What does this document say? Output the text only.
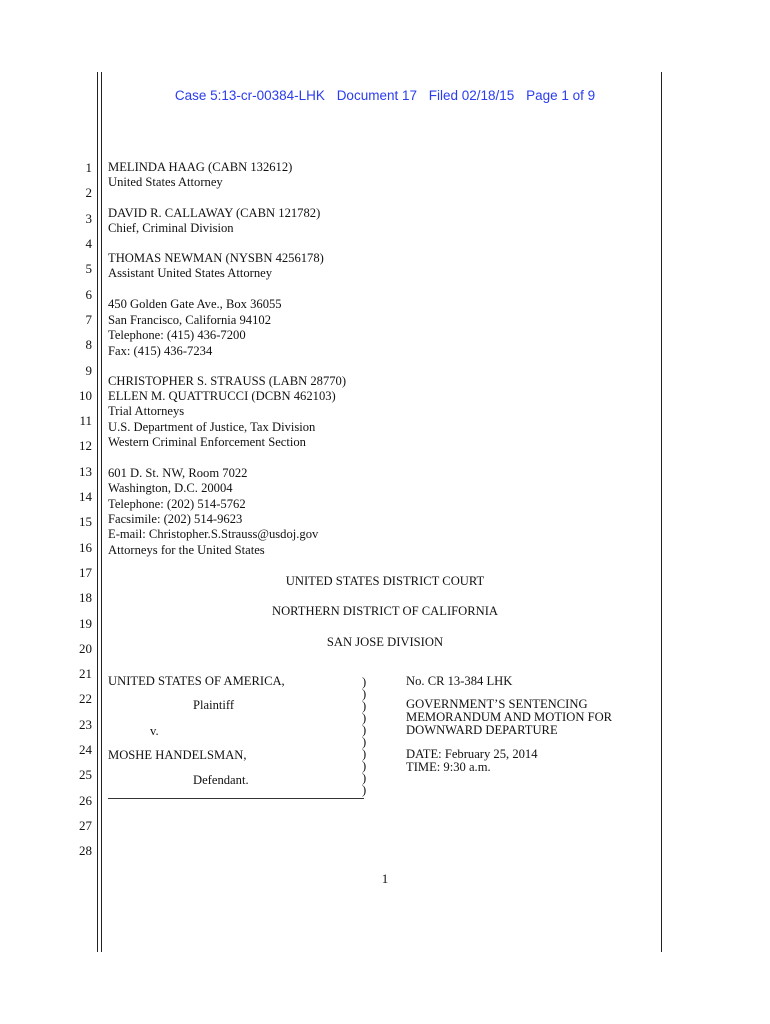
Case 5:13-cr-00384-LHK Document 17 Filed 02/18/15 Page 1 of 9
1
2
3
4
5
6
7
8
9
10
11
12
13
14
15
16
17
18
19
20
21
22
23
24
25
26
27
28
MELINDA HAAG (CABN 132612)
United States Attorney
DAVID R. CALLAWAY (CABN 121782)
Chief, Criminal Division
THOMAS NEWMAN (NYSBN 4256178)
Assistant United States Attorney
450 Golden Gate Ave., Box 36055
San Francisco, California 94102
Telephone: (415) 436-7200
Fax: (415) 436-7234
CHRISTOPHER S. STRAUSS (LABN 28770)
ELLEN M. QUATTRUCCI (DCBN 462103)
Trial Attorneys
U.S. Department of Justice, Tax Division
Western Criminal Enforcement Section
601 D. St. NW, Room 7022
Washington, D.C. 20004
Telephone: (202) 514-5762
Facsimile: (202) 514-9623
E-mail: Christopher.S.Strauss@usdoj.gov
Attorneys for the United States
UNITED STATES DISTRICT COURT
NORTHERN DISTRICT OF CALIFORNIA
SAN JOSE DIVISION
UNITED STATES OF AMERICA,
Plaintiff
v.
MOSHE HANDELSMAN,
Defendant.
)
)
)
)
)
)
)
)
)
)
No. CR 13-384 LHK
GOVERNMENT’S SENTENCING
MEMORANDUM AND MOTION FOR
DOWNWARD DEPARTURE
DATE: February 25, 2014
TIME: 9:30 a.m.
1
